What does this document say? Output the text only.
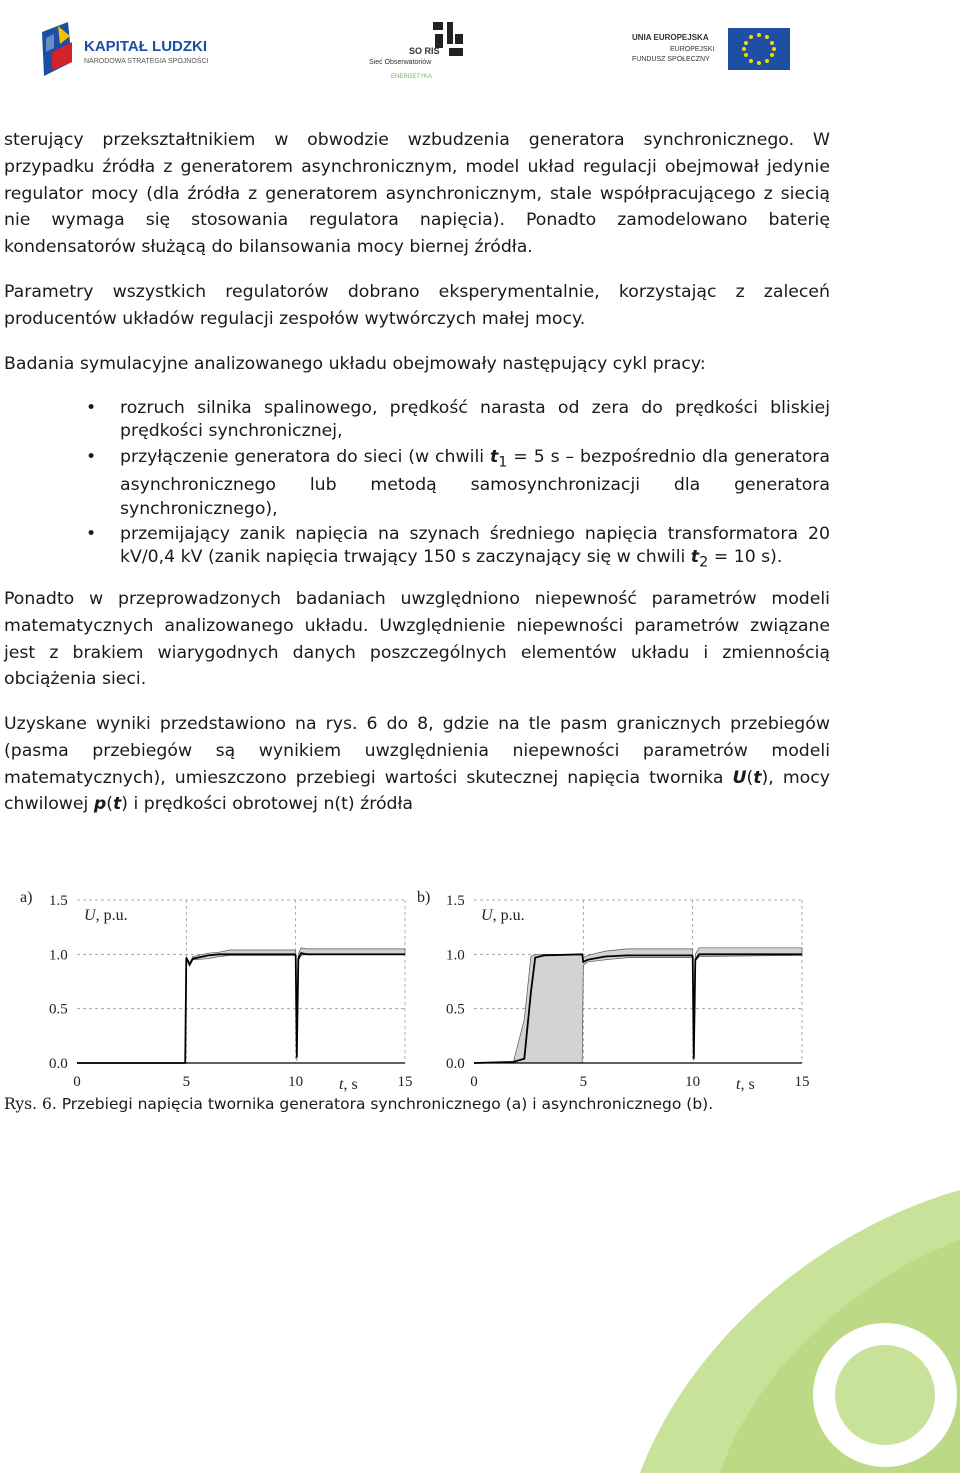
KAPITAŁ LUDZKI
NARODOWA STRATEGIA SPÓJNOŚCI
SO RIS
Sieć Obserwatoriów
ENERGETYKA
UNIA EUROPEJSKA
EUROPEJSKI
FUNDUSZ SPOŁECZNY
sterujący przekształtnikiem w obwodzie wzbudzenia generatora synchronicznego. W przypadku źródła z generatorem asynchronicznym, model układ regulacji obejmował jedynie regulator mocy (dla źródła z generatorem asynchronicznym, stale współpracującego z siecią nie wymaga się stosowania regulatora napięcia). Ponadto zamodelowano baterię kondensatorów służącą do bilansowania mocy biernej źródła.
Parametry wszystkich regulatorów dobrano eksperymentalnie, korzystając z zaleceń producentów układów regulacji zespołów wytwórczych małej mocy.
Badania symulacyjne analizowanego układu obejmowały następujący cykl pracy:
• rozruch silnika spalinowego, prędkość narasta od zera do prędkości bliskiej prędkości synchronicznej,
• przyłączenie generatora do sieci (w chwili $t_1 = 5$ s – bezpośrednio dla generatora asynchronicznego lub metodą samosynchronizacji dla generatora synchronicznego),
• przemijający zanik napięcia na szynach średniego napięcia transformatora 20 kV/0,4 kV (zanik napięcia trwający 150 s zaczynający się w chwili $t_2 = 10$ s).
Ponadto w przeprowadzonych badaniach uwzględniono niepewność parametrów modeli matematycznych analizowanego układu. Uwzględnienie niepewności parametrów związane jest z brakiem wiarygodnych danych poszczególnych elementów układu i zmiennością obciążenia sieci.
Uzyskane wyniki przedstawiono na rys. 6 do 8, gdzie na tle pasm granicznych przebiegów (pasma przebiegów są wynikiem uwzględnienia niepewności parametrów modeli matematycznych), umieszczono przebiegi wartości skutecznej napięcia twornika U(t), mocy chwilowej p(t) i prędkości obrotowej n(t) źródła
0.0
0.5
1.0
1.5
0	5	10	15
a)
U, p.u.
t, s
0.0
0.5
1.0
1.5
0	5	10	15
b)
U, p.u.
t, s
Rys. 6. Przebiegi napięcia twornika generatora synchronicznego (a) i asynchronicznego (b).
